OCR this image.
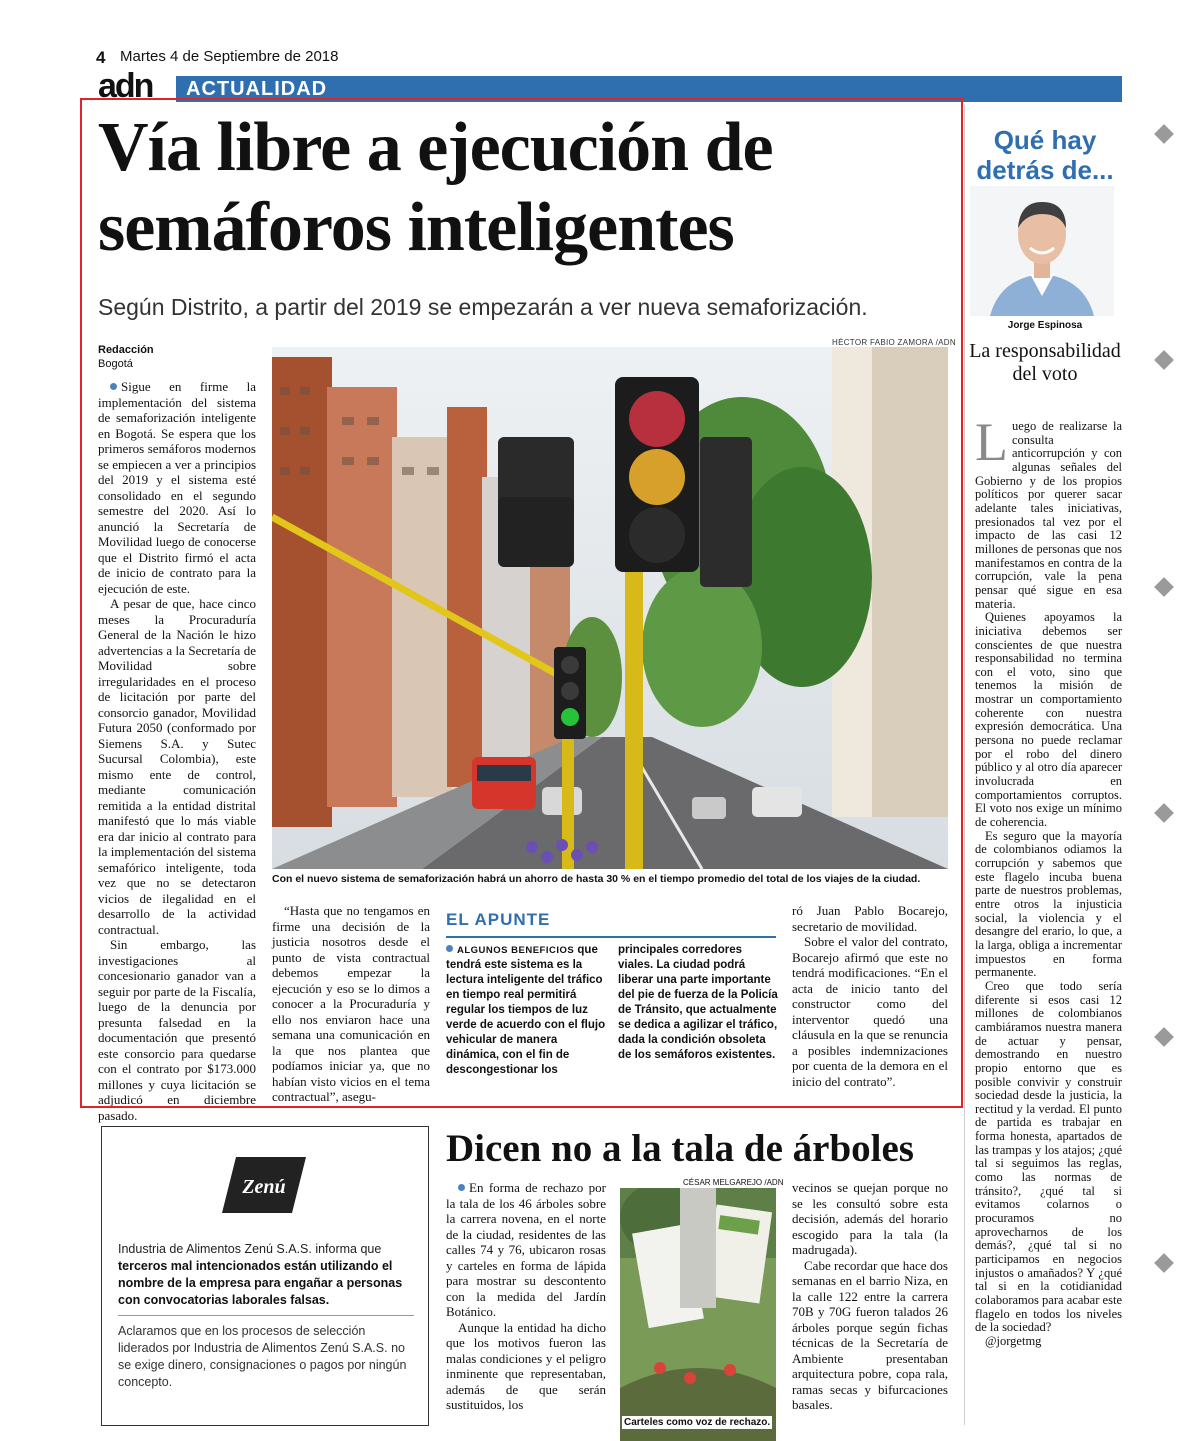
4 Martes 4 de Septiembre de 2018
adn	ACTUALIDAD
Vía libre a ejecución de
semáforos inteligentes
Según Distrito, a partir del 2019 se empezarán a ver nueva semaforización.
Redacción
Bogotá
HÉCTOR FABIO ZAMORA /ADN
Con el nuevo sistema de semaforización habrá un ahorro de hasta 30 % en el tiempo promedio del total de los viajes de la ciudad.

Sigue en firme la implementación del sistema de semaforización inteligente en Bogotá. Se espera que los primeros semáforos modernos se empiecen a ver a principios del 2019 y el sistema esté consolidado en el segundo semestre del 2020. Así lo anunció la Secretaría de Movilidad luego de conocerse que el Distrito firmó el acta de inicio de contrato para la ejecución de este.

A pesar de que, hace cinco meses la Procuraduría General de la Nación le hizo advertencias a la Secretaría de Movilidad sobre irregularidades en el proceso de licitación por parte del consorcio ganador, Movilidad Futura 2050 (conformado por Siemens S.A. y Sutec Sucursal Colombia), este mismo ente de control, mediante comunicación remitida a la entidad distrital manifestó que lo más viable era dar inicio al contrato para la implementación del sistema semafórico inteligente, toda vez que no se detectaron vicios de ilegalidad en el desarrollo de la actividad contractual.

Sin embargo, las investigaciones al concesionario ganador van a seguir por parte de la Fiscalía, luego de la denuncia por presunta falsedad en la documentación que presentó este consorcio para quedarse con el contrato por $173.000 millones y cuya licitación se adjudicó en diciembre pasado.

“Hasta que no tengamos en firme una decisión de la justicia nosotros desde el punto de vista contractual debemos empezar la ejecución y eso se lo dimos a conocer a la Procuraduría y ello nos enviaron hace una semana una comunicación en la que nos plantea que podíamos iniciar ya, que no habían visto vicios en el tema contractual”, asegu-

EL APUNTE
ALGUNOS BENEFICIOS que tendrá este sistema es la lectura inteligente del tráfico en tiempo real permitirá regular los tiempos de luz verde de acuerdo con el flujo vehicular de manera dinámica, con el fin de descongestionar los
principales corredores viales. La ciudad podrá liberar una parte importante del pie de fuerza de la Policía de Tránsito, que actualmente se dedica a agilizar el tráfico, dada la condición obsoleta de los semáforos existentes.

ró Juan Pablo Bocarejo, secretario de movilidad.

Sobre el valor del contrato, Bocarejo afirmó que este no tendrá modificaciones. “En el acta de inicio tanto del constructor como del interventor quedó una cláusula en la que se renuncia a posibles indemnizaciones por cuenta de la demora en el inicio del contrato”.

Qué hay detrás de...
Jorge Espinosa
La responsabilidad del voto

Luego de realizarse la consulta anticorrupción y con algunas señales del Gobierno y de los propios políticos por querer sacar adelante tales iniciativas, presionados tal vez por el impacto de las casi 12 millones de personas que nos manifestamos en contra de la corrupción, vale la pena pensar qué sigue en esa materia.

Quienes apoyamos la iniciativa debemos ser conscientes de que nuestra responsabilidad no termina con el voto, sino que tenemos la misión de mostrar un comportamiento coherente con nuestra expresión democrática. Una persona no puede reclamar por el robo del dinero público y al otro día aparecer involucrada en comportamientos corruptos. El voto nos exige un mínimo de coherencia.

Es seguro que la mayoría de colombianos odiamos la corrupción y sabemos que este flagelo incuba buena parte de nuestros problemas, entre otros la injusticia social, la violencia y el desangre del erario, lo que, a la larga, obliga a incrementar impuestos en forma permanente.

Creo que todo sería diferente si esos casi 12 millones de colombianos cambiáramos nuestra manera de actuar y pensar, demostrando en nuestro propio entorno que es posible convivir y construir sociedad desde la justicia, la rectitud y la verdad. El punto de partida es trabajar en forma honesta, apartados de las trampas y los atajos; ¿qué tal si seguimos las reglas, como las normas de tránsito?, ¿qué tal si evitamos colarnos o procuramos no aprovecharnos de los demás?, ¿qué tal si no participamos en negocios injustos o amañados? Y ¿qué tal si en la cotidianidad colaboramos para acabar este flagelo en todos los niveles de la sociedad?

@jorgetmg

Dicen no a la tala de árboles

En forma de rechazo por la tala de los 46 árboles sobre la carrera novena, en el norte de la ciudad, residentes de las calles 74 y 76, ubicaron rosas y carteles en forma de lápida para mostrar su descontento con la medida del Jardín Botánico.

Aunque la entidad ha dicho que los motivos fueron las malas condiciones y el peligro inminente que representaban, además de que serán sustituidos, los

CÉSAR MELGAREJO /ADN
Carteles como voz de rechazo.

vecinos se quejan porque no se les consultó sobre esta decisión, además del horario escogido para la tala (la madrugada).

Cabe recordar que hace dos semanas en el barrio Niza, en la calle 122 entre la carrera 70B y 70G fueron talados 26 árboles porque según fichas técnicas de la Secretaría de Ambiente presentaban arquitectura pobre, copa rala, ramas secas y bifurcaciones basales.

Zenú
Industria de Alimentos Zenú S.A.S. informa que terceros mal intencionados están utilizando el nombre de la empresa para engañar a personas con convocatorias laborales falsas.
Aclaramos que en los procesos de selección liderados por Industria de Alimentos Zenú S.A.S. no se exige dinero, consignaciones o pagos por ningún concepto.
